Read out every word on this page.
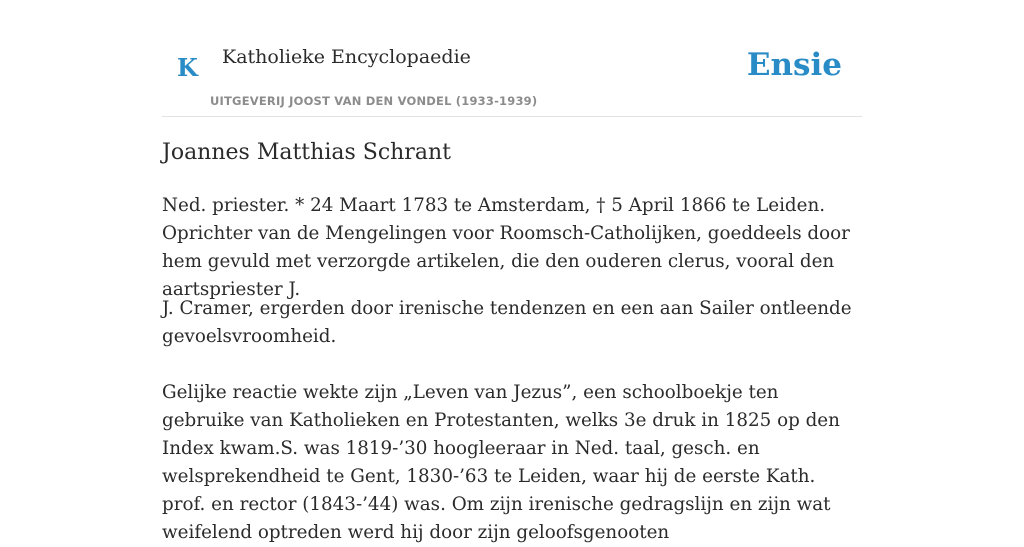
K Katholieke Encyclopaedie
UITGEVERIJ JOOST VAN DEN VONDEL (1933-1939)
Ensie
Joannes Matthias Schrant

Ned. priester. * 24 Maart 1783 te Amsterdam, † 5 April 1866 te Leiden. Oprichter van de Mengelingen voor Roomsch-Catholijken, goeddeels door hem gevuld met verzorgde artikelen, die den ouderen clerus, vooral den aartspriester J.

J. Cramer, ergerden door irenische tendenzen en een aan Sailer ontleende gevoelsvroomheid.

Gelijke reactie wekte zijn „Leven van Jezus”, een schoolboekje ten gebruike van Katholieken en Protestanten, welks 3e druk in 1825 op den Index kwam.S. was 1819-’30 hoogleeraar in Ned. taal, gesch. en welsprekendheid te Gent, 1830-’63 te Leiden, waar hij de eerste Kath. prof. en rector (1843-’44) was. Om zijn irenische gedragslijn en zijn wat weifelend optreden werd hij door zijn geloofsgenooten
